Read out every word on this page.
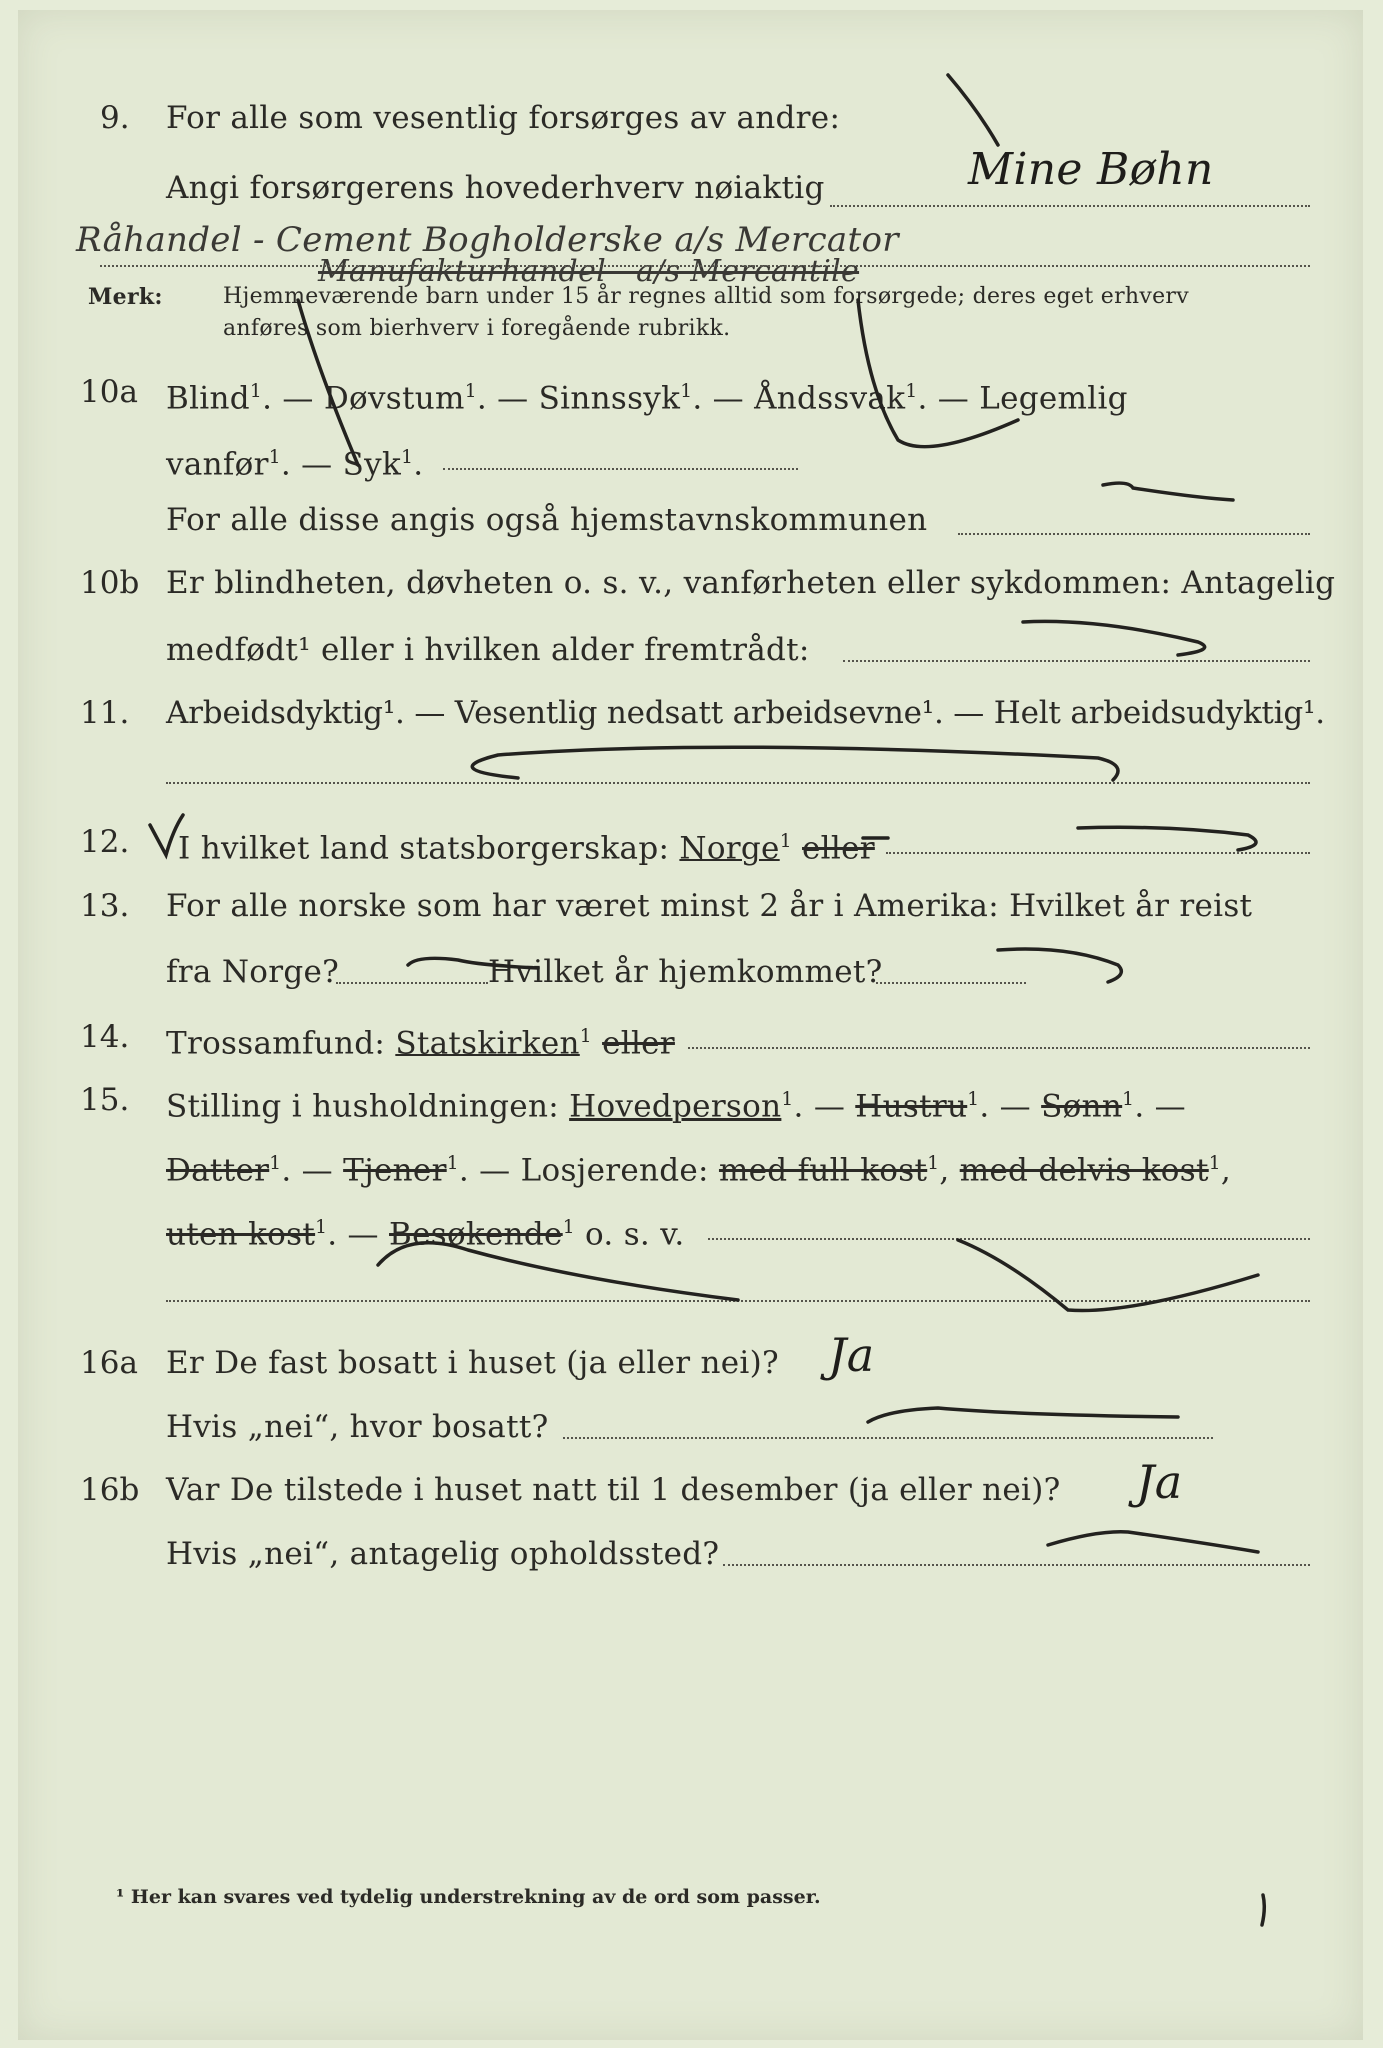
9. For alle som vesentlig forsørges av andre:
Angi forsørgerens hovederhverv nøiaktig	Mine Bøhn
Råhandel - Cement Bogholderske a/s Mercator
Manufakturhandel - a/s Mercantile
Merk:	Hjemmeværende barn under 15 år regnes alltid som forsørgede; deres eget erhverv
anføres som bierhverv i foregående rubrikk.
10a Blind$^1$. — Døvstum$^1$. — Sinnssyk$^1$. — Åndssvak$^1$. — Legemlig
vanfør$^1$. — Syk$^1$.
For alle disse angis også hjemstavnskommunen
10b Er blindheten, døvheten o. s. v., vanførheten eller sykdommen: Antagelig
medfødt¹ eller i hvilken alder fremtrådt:
11. Arbeidsdyktig¹. — Vesentlig nedsatt arbeidsevne¹. — Helt arbeidsudyktig¹.
12. I hvilket land statsborgerskap: Norge$^1$ eller
13. For alle norske som har været minst 2 år i Amerika: Hvilket år reist
fra Norge?	Hvilket år hjemkommet?
14. Trossamfund: Statskirken$^1$ eller
15. Stilling i husholdningen: Hovedperson$^1$. — Hustru$^1$. — Sønn$^1$. —
Datter$^1$. — Tjener$^1$. — Losjerende: med full kost$^1$, med delvis kost$^1$,
uten kost$^1$. — Besøkende$^1$ o. s. v.
16a Er De fast bosatt i huset (ja eller nei)? Ja
Hvis „nei“, hvor bosatt?
16b Var De tilstede i huset natt til 1 desember (ja eller nei)? Ja
Hvis „nei“, antagelig opholdssted?
¹ Her kan svares ved tydelig understrekning av de ord som passer.
